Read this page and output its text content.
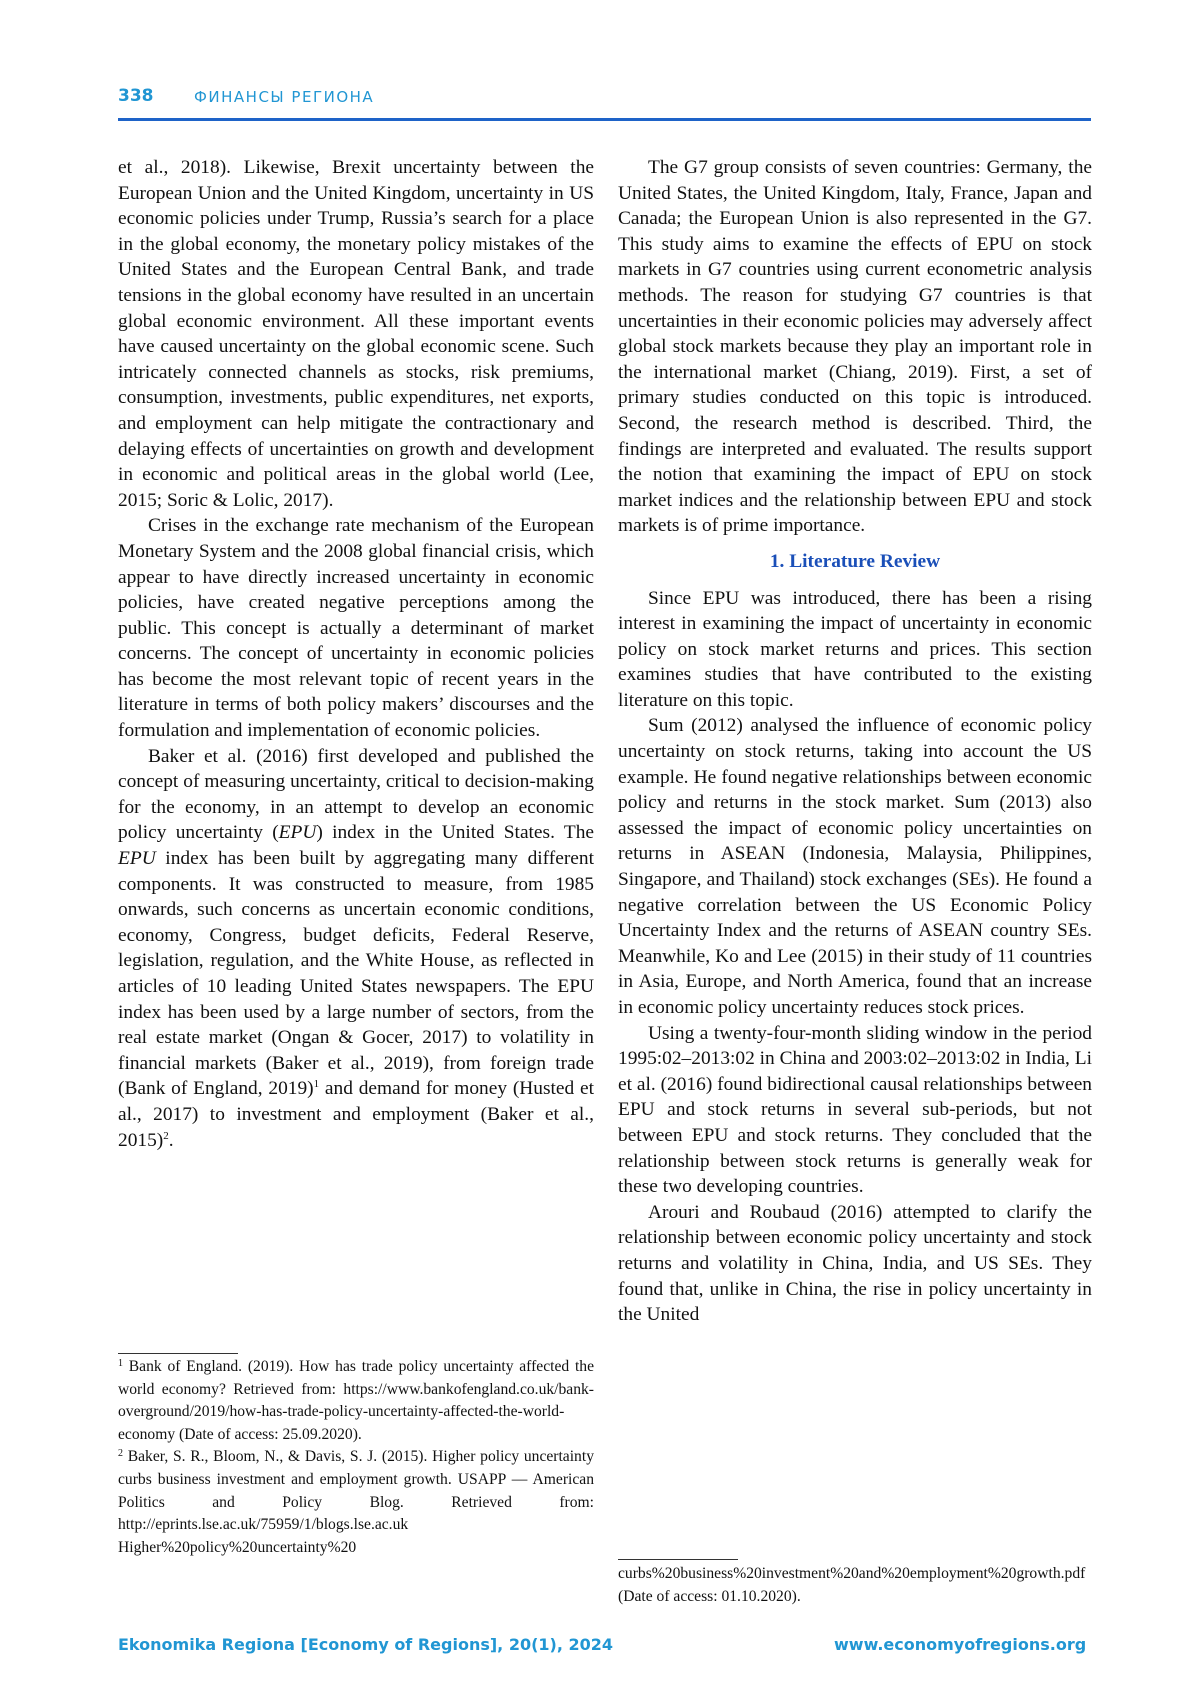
338	ФИНАНСЫ РЕГИОНА

et al., 2018). Likewise, Brexit uncertainty between the European Union and the United Kingdom, uncertainty in US economic policies under Trump, Russia’s search for a place in the global economy, the monetary policy mistakes of the United States and the European Central Bank, and trade tensions in the global economy have resulted in an uncertain global economic environment. All these important events have caused uncertainty on the global economic scene. Such intricately connected channels as stocks, risk premiums, consumption, investments, public expenditures, net exports, and employment can help mitigate the contractionary and delaying effects of uncertainties on growth and development in economic and political areas in the global world (Lee, 2015; Soric & Lolic, 2017).

Crises in the exchange rate mechanism of the European Monetary System and the 2008 global financial crisis, which appear to have directly increased uncertainty in economic policies, have created negative perceptions among the public. This concept is actually a determinant of market concerns. The concept of uncertainty in economic policies has become the most relevant topic of recent years in the literature in terms of both policy makers’ discourses and the formulation and implementation of economic policies.

Baker et al. (2016) first developed and published the concept of measuring uncertainty, critical to decision-making for the economy, in an attempt to develop an economic policy uncertainty (EPU) index in the United States. The EPU index has been built by aggregating many different components. It was constructed to measure, from 1985 onwards, such concerns as uncertain economic conditions, economy, Congress, budget deficits, Federal Reserve, legislation, regulation, and the White House, as reflected in articles of 10 leading United States newspapers. The EPU index has been used by a large number of sectors, from the real estate market (Ongan & Gocer, 2017) to volatility in financial markets (Baker et al., 2019), from foreign trade (Bank of England, 2019)$^1$ and demand for money (Husted et al., 2017) to investment and employment (Baker et al., 2015)$^2$.

$^1$ Bank of England. (2019). How has trade policy uncertainty affected the world economy? Retrieved from: https://www.bankofengland.co.uk/bank-overground/2019/how-has-trade-policy-uncertainty-affected-the-world-economy (Date of access: 25.09.2020).

$^2$ Baker, S. R., Bloom, N., & Davis, S. J. (2015). Higher policy uncertainty curbs business investment and employment growth. USAPP — American Politics and Policy Blog. Retrieved from: http://eprints.lse.ac.uk/75959/1/blogs.lse.ac.uk Higher%20policy%20uncertainty%20

The G7 group consists of seven countries: Germany, the United States, the United Kingdom, Italy, France, Japan and Canada; the European Union is also represented in the G7. This study aims to examine the effects of EPU on stock markets in G7 countries using current econometric analysis methods. The reason for studying G7 countries is that uncertainties in their economic policies may adversely affect global stock markets because they play an important role in the international market (Chiang, 2019). First, a set of primary studies conducted on this topic is introduced. Second, the research method is described. Third, the findings are interpreted and evaluated. The results support the notion that examining the impact of EPU on stock market indices and the relationship between EPU and stock markets is of prime importance.

1. Literature Review

Since EPU was introduced, there has been a rising interest in examining the impact of uncertainty in economic policy on stock market returns and prices. This section examines studies that have contributed to the existing literature on this topic.

Sum (2012) analysed the influence of economic policy uncertainty on stock returns, taking into account the US example. He found negative relationships between economic policy and returns in the stock market. Sum (2013) also assessed the impact of economic policy uncertainties on returns in ASEAN (Indonesia, Malaysia, Philippines, Singapore, and Thailand) stock exchanges (SEs). He found a negative correlation between the US Economic Policy Uncertainty Index and the returns of ASEAN country SEs. Meanwhile, Ko and Lee (2015) in their study of 11 countries in Asia, Europe, and North America, found that an increase in economic policy uncertainty reduces stock prices.

Using a twenty-four-month sliding window in the period 1995:02–2013:02 in China and 2003:02–2013:02 in India, Li et al. (2016) found bidirectional causal relationships between EPU and stock returns in several sub-periods, but not between EPU and stock returns. They concluded that the relationship between stock returns is generally weak for these two developing countries.

Arouri and Roubaud (2016) attempted to clarify the relationship between economic policy uncertainty and stock returns and volatility in China, India, and US SEs. They found that, unlike in China, the rise in policy uncertainty in the United

curbs%20business%20investment%20and%20employment%20growth.pdf (Date of access: 01.10.2020).

Ekonomika Regiona [Economy of Regions], 20(1), 2024	www.economyofregions.org
